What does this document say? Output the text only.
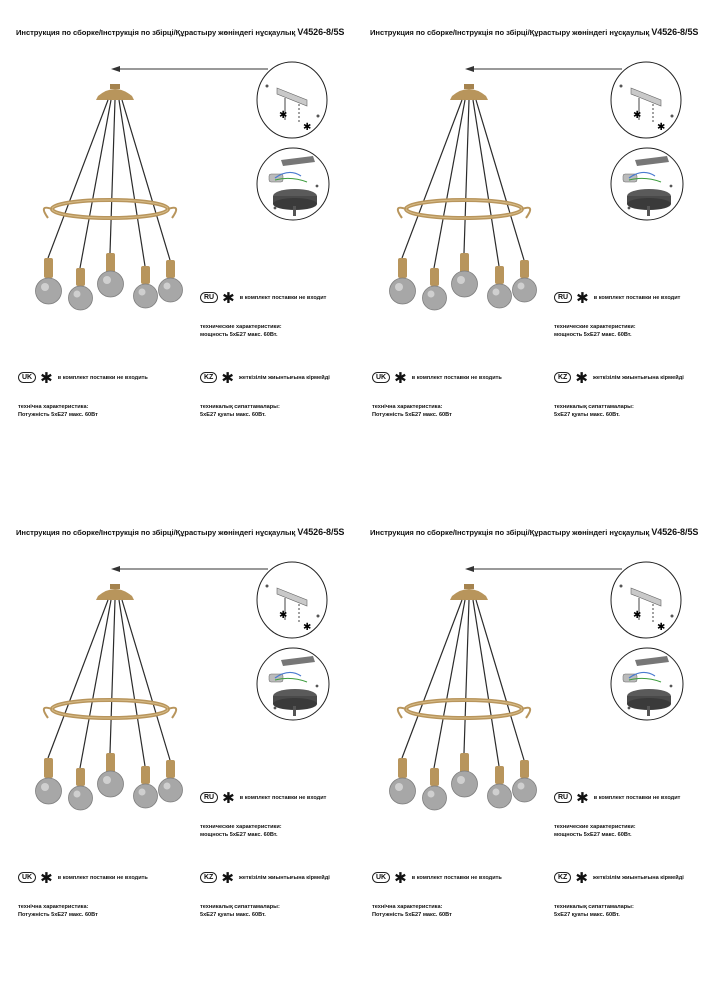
Инструкция по сборке/Інструкція по збірці/Құрастыру жөніндегі нұсқаулық V4526-8/5S
✱
✱
RU ✱ в комплект поставки не входит
технические характеристики:
мощность 5хЕ27 макс. 60Вт.
UK ✱ в комплект поставки не входить
технічна характеристика:
Потужність 5хЕ27 макс. 60Вт
KZ ✱ жеткізілім жиынтығына кірмейді
техникалық сипаттамалары:
5хЕ27 қуаты макс. 60Вт.
Инструкция по сборке/Інструкція по збірці/Құрастыру жөніндегі нұсқаулық V4526-8/5S
✱
✱
RU ✱ в комплект поставки не входит
технические характеристики:
мощность 5хЕ27 макс. 60Вт.
UK ✱ в комплект поставки не входить
технічна характеристика:
Потужність 5хЕ27 макс. 60Вт
KZ ✱ жеткізілім жиынтығына кірмейді
техникалық сипаттамалары:
5хЕ27 қуаты макс. 60Вт.
Инструкция по сборке/Інструкція по збірці/Құрастыру жөніндегі нұсқаулық V4526-8/5S
✱
✱
RU ✱ в комплект поставки не входит
технические характеристики:
мощность 5хЕ27 макс. 60Вт.
UK ✱ в комплект поставки не входить
технічна характеристика:
Потужність 5хЕ27 макс. 60Вт
KZ ✱ жеткізілім жиынтығына кірмейді
техникалық сипаттамалары:
5хЕ27 қуаты макс. 60Вт.
Инструкция по сборке/Інструкція по збірці/Құрастыру жөніндегі нұсқаулық V4526-8/5S
✱
✱
RU ✱ в комплект поставки не входит
технические характеристики:
мощность 5хЕ27 макс. 60Вт.
UK ✱ в комплект поставки не входить
технічна характеристика:
Потужність 5хЕ27 макс. 60Вт
KZ ✱ жеткізілім жиынтығына кірмейді
техникалық сипаттамалары:
5хЕ27 қуаты макс. 60Вт.
